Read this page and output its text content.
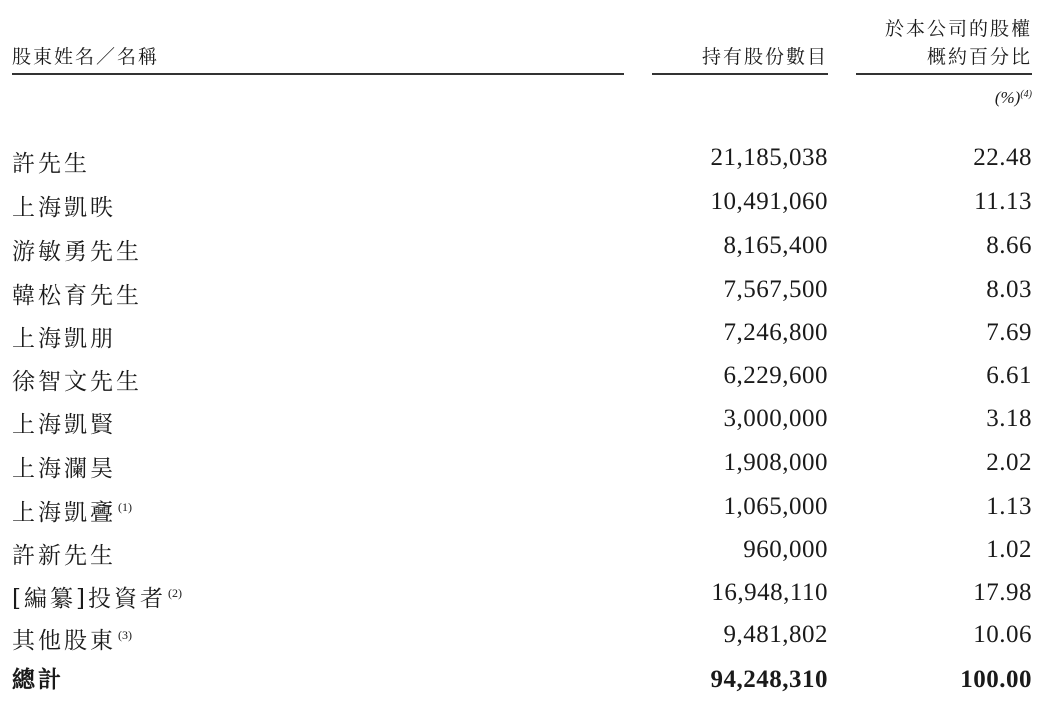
股東姓名／名稱	持有股份數目
於本公司的股權
概約百分比
(%)$^{(4)}$
許先生	21,185,038	22.48
上海凱昳	10,491,060	11.13
游敏勇先生	8,165,400	8.66
韓松育先生	7,567,500	8.03
上海凱朋	7,246,800	7.69
徐智文先生	6,229,600	6.61
上海凱賢	3,000,000	3.18
上海瀾昊	1,908,000	2.02
上海凱斖 $^{(1)}$	1,065,000	1.13
許新先生	960,000	1.02
[編纂]投資者 $^{(2)}$	16,948,110	17.98
其他股東 $^{(3)}$	9,481,802	10.06
總計	94,248,310	100.00
